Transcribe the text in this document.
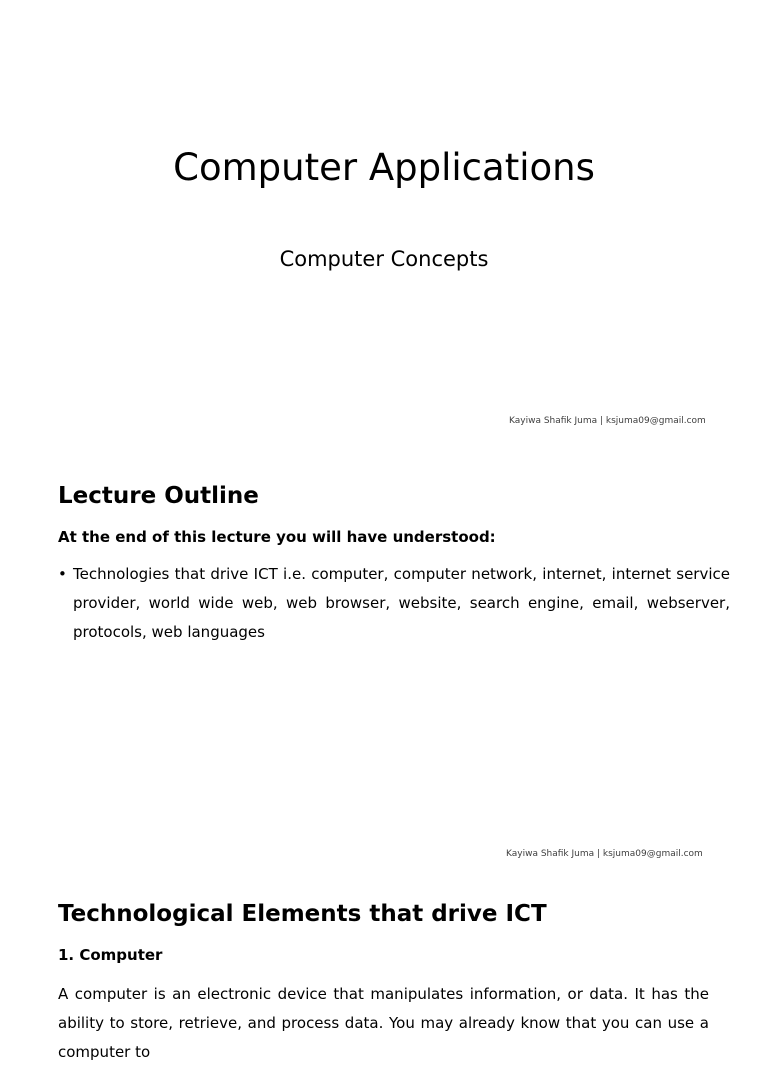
Computer Applications
Computer Concepts
Kayiwa Shafik Juma | ksjuma09@gmail.com
Lecture Outline

At the end of this lecture you will have understood:

• Technologies that drive ICT i.e. computer, computer network, internet, internet service provider, world wide web, web browser, website, search engine, email, webserver, protocols, web languages
Kayiwa Shafik Juma | ksjuma09@gmail.com
Technological Elements that drive ICT

1. Computer

A computer is an electronic device that manipulates information, or data. It has the ability to store, retrieve, and process data. You may already know that you can use a computer to
